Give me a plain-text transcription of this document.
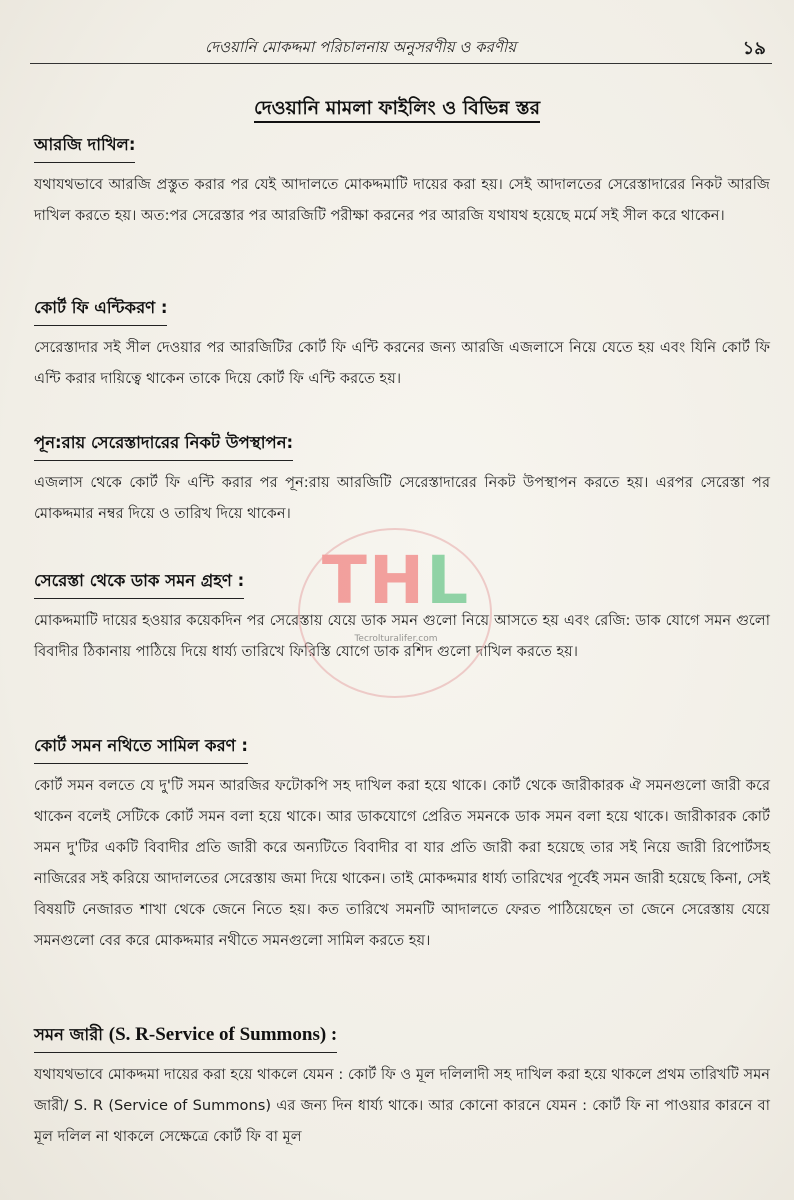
দেওয়ানি মোকদ্দমা পরিচালনায় অনুসরণীয় ও করণীয়	১৯
দেওয়ানি মামলা ফাইলিং ও বিভিন্ন স্তর
আরজি দাখিল:

যথাযথভাবে আরজি প্রস্তুত করার পর যেই আদালতে মোকদ্দমাটি দায়ের করা হয়। সেই আদালতের সেরেস্তাদারের নিকট আরজি দাখিল করতে হয়। অত:পর সেরেস্তার পর আরজিটি পরীক্ষা করনের পর আরজি যথাযথ হয়েছে মর্মে সই সীল করে থাকেন।

কোর্ট ফি এন্টিকরণ :

সেরেস্তাদার সই সীল দেওয়ার পর আরজিটির কোর্ট ফি এন্টি করনের জন্য আরজি এজলাসে নিয়ে যেতে হয় এবং যিনি কোর্ট ফি এন্টি করার দায়িত্বে থাকেন তাকে দিয়ে কোর্ট ফি এন্টি করতে হয়।

পূন:রায় সেরেস্তাদারের নিকট উপস্থাপন:

এজলাস থেকে কোর্ট ফি এন্টি করার পর পূন:রায় আরজিটি সেরেস্তাদারের নিকট উপস্থাপন করতে হয়। এরপর সেরেস্তা পর মোকদ্দমার নম্বর দিয়ে ও তারিখ দিয়ে থাকেন।

সেরেস্তা থেকে ডাক সমন গ্রহণ :

মোকদ্দমাটি দায়ের হওয়ার কয়েকদিন পর সেরেস্তায় যেয়ে ডাক সমন গুলো নিয়ে আসতে হয় এবং রেজি: ডাক যোগে সমন গুলো বিবাদীর ঠিকানায় পাঠিয়ে দিয়ে ধার্য্য তারিখে ফিরিস্তি যোগে ডাক রশিদ গুলো দাখিল করতে হয়।

কোর্ট সমন নথিতে সামিল করণ :

কোর্ট সমন বলতে যে দু'টি সমন আরজির ফটোকপি সহ দাখিল করা হয়ে থাকে। কোর্ট থেকে জারীকারক ঐ সমনগুলো জারী করে থাকেন বলেই সেটিকে কোর্ট সমন বলা হয়ে থাকে। আর ডাকযোগে প্রেরিত সমনকে ডাক সমন বলা হয়ে থাকে। জারীকারক কোর্ট সমন দু'টির একটি বিবাদীর প্রতি জারী করে অন্যটিতে বিবাদীর বা যার প্রতি জারী করা হয়েছে তার সই নিয়ে জারী রিপোর্টসহ নাজিরের সই করিয়ে আদালতের সেরেস্তায় জমা দিয়ে থাকেন। তাই মোকদ্দমার ধার্য্য তারিখের পূর্বেই সমন জারী হয়েছে কিনা, সেই বিষয়টি নেজারত শাখা থেকে জেনে নিতে হয়। কত তারিখে সমনটি আদালতে ফেরত পাঠিয়েছেন তা জেনে সেরেস্তায় যেয়ে সমনগুলো বের করে মোকদ্দমার নথীতে সমনগুলো সামিল করতে হয়।

সমন জারী (S. R-Service of Summons) :

যথাযথভাবে মোকদ্দমা দায়ের করা হয়ে থাকলে যেমন : কোর্ট ফি ও মূল দলিলাদী সহ দাখিল করা হয়ে থাকলে প্রথম তারিখটি সমন জারী/ S. R (Service of Summons) এর জন্য দিন ধার্য্য থাকে। আর কোনো কারনে যেমন : কোর্ট ফি না পাওয়ার কারনে বা মূল দলিল না থাকলে সেক্ষেত্রে কোর্ট ফি বা মূল

THL
Tecrolturalifer.com
